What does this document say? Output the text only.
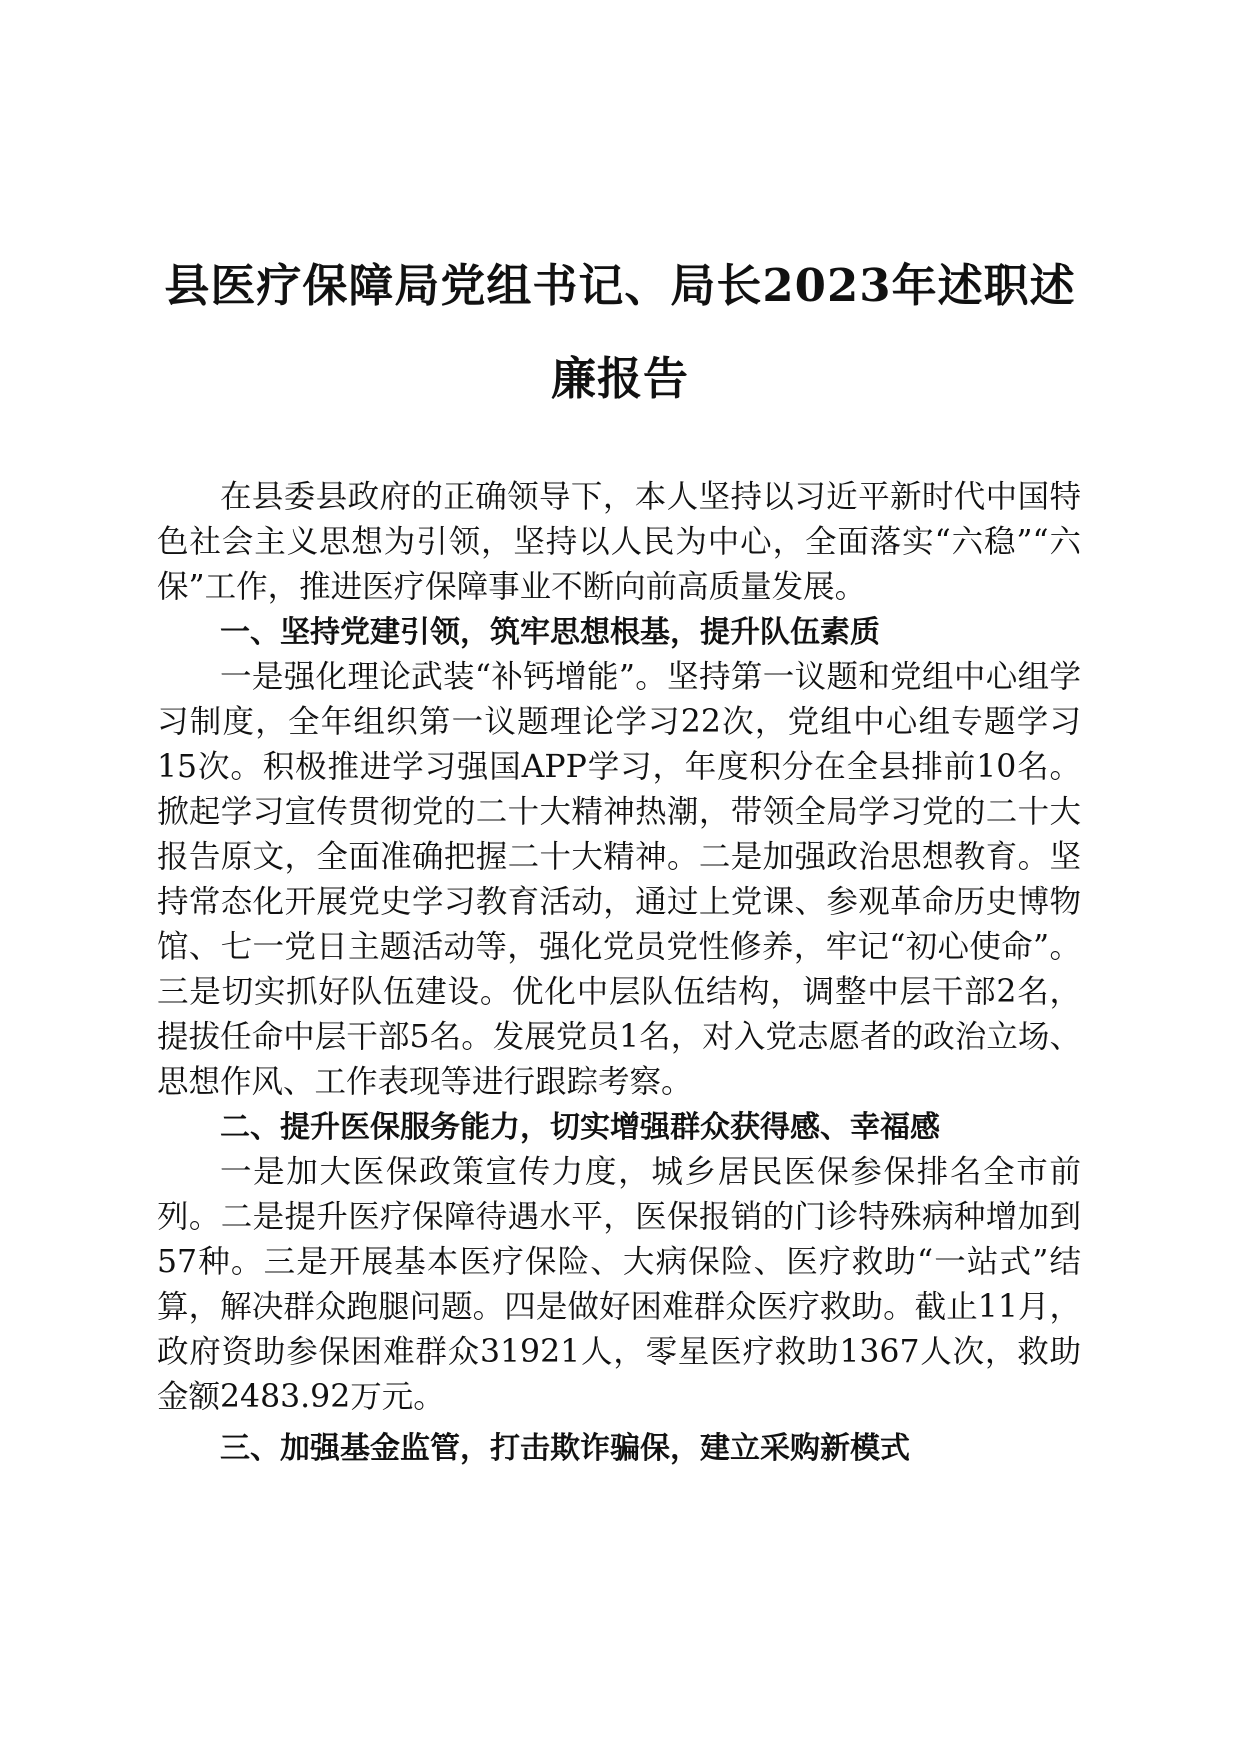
县医疗保障局党组书记、局长2023年述职述
廉报告

在县委县政府的正确领导下，本人坚持以习近平新时代中国特色社会主义思想为引领，坚持以人民为中心，全面落实“六稳”“六保”工作，推进医疗保障事业不断向前高质量发展。

一、坚持党建引领，筑牢思想根基，提升队伍素质

一是强化理论武装“补钙增能”。坚持第一议题和党组中心组学习制度，全年组织第一议题理论学习22次，党组中心组专题学习15次。积极推进学习强国APP学习，年度积分在全县排前10名。掀起学习宣传贯彻党的二十大精神热潮，带领全局学习党的二十大报告原文，全面准确把握二十大精神。二是加强政治思想教育。坚持常态化开展党史学习教育活动，通过上党课、参观革命历史博物馆、七一党日主题活动等，强化党员党性修养，牢记“初心使命”。三是切实抓好队伍建设。优化中层队伍结构，调整中层干部2名，提拔任命中层干部5名。发展党员1名，对入党志愿者的政治立场、思想作风、工作表现等进行跟踪考察。

二、提升医保服务能力，切实增强群众获得感、幸福感

一是加大医保政策宣传力度，城乡居民医保参保排名全市前列。二是提升医疗保障待遇水平，医保报销的门诊特殊病种增加到57种。三是开展基本医疗保险、大病保险、医疗救助“一站式”结算，解决群众跑腿问题。四是做好困难群众医疗救助。截止11月，政府资助参保困难群众31921人，零星医疗救助1367人次，救助金额2483.92万元。

三、加强基金监管，打击欺诈骗保，建立采购新模式
